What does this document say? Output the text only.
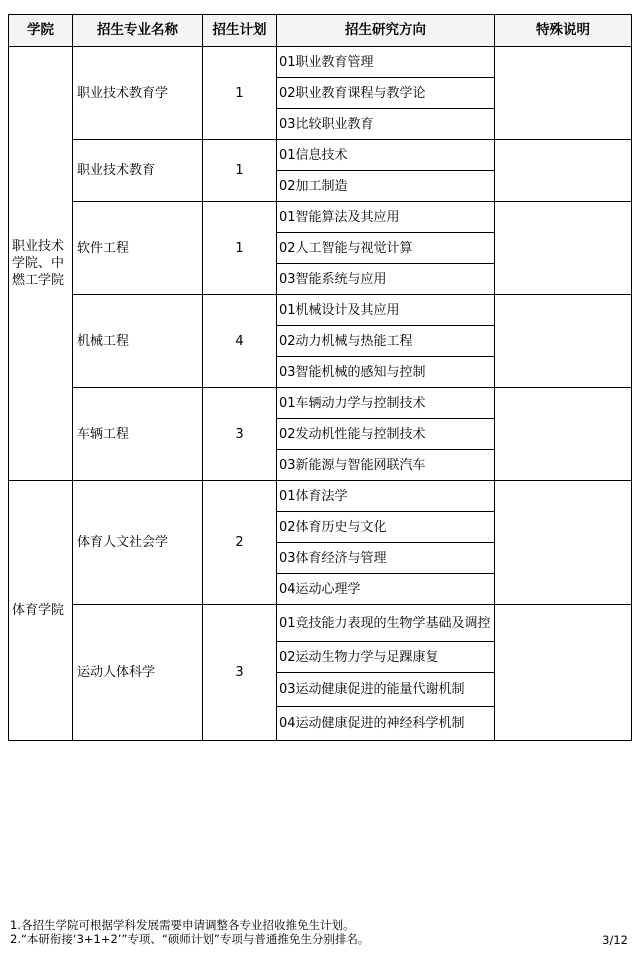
学院	招生专业名称	招生计划	招生研究方向	特殊说明
职业技术学院、中燃工学院	职业技术教育学	1	01职业教育管理	
			02职业教育课程与教学论	
			03比较职业教育	
	职业技术教育	1	01信息技术	
			02加工制造	
	软件工程	1	01智能算法及其应用	
			02人工智能与视觉计算	
			03智能系统与应用	
	机械工程	4	01机械设计及其应用	
			02动力机械与热能工程	
			03智能机械的感知与控制	
	车辆工程	3	01车辆动力学与控制技术	
			02发动机性能与控制技术	
			03新能源与智能网联汽车	
体育学院	体育人文社会学	2	01体育法学	
			02体育历史与文化	
			03体育经济与管理	
			04运动心理学	
	运动人体科学	3	01竞技能力表现的生物学基础及调控	
			02运动生物力学与足踝康复	
			03运动健康促进的能量代谢机制	
			04运动健康促进的神经科学机制	
1.各招生学院可根据学科发展需要申请调整各专业招收推免生计划。
2.“本研衔接‘3+1+2’”专项、“硕师计划”专项与普通推免生分别排名。	3/12
